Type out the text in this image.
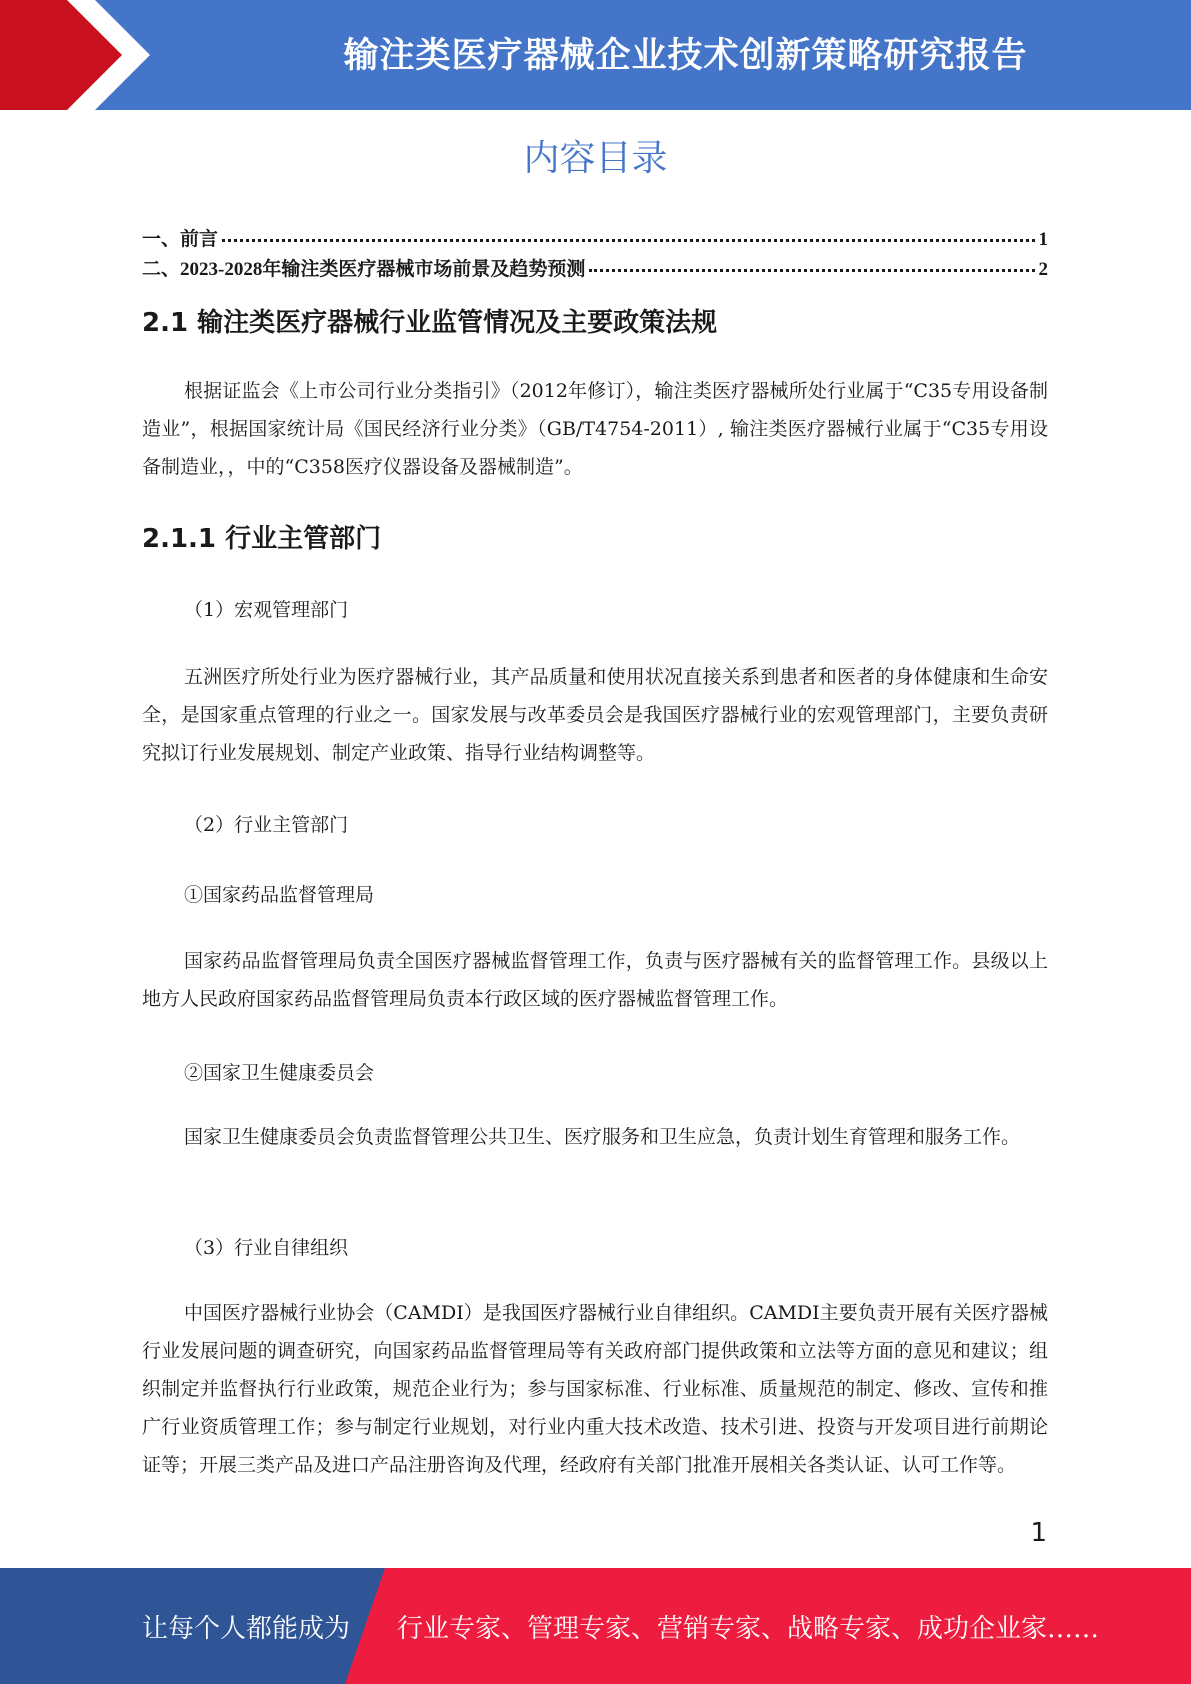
输注类医疗器械企业技术创新策略研究报告
内容目录
一、前言	1
二、2023-2028年输注类医疗器械市场前景及趋势预测	2
2.1 输注类医疗器械行业监管情况及主要政策法规

根据证监会《上市公司行业分类指引》（2012年修订），输注类医疗器械所处行业属于“C35专用设备制造业”，根据国家统计局《国民经济行业分类》（GB/T4754-2011）, 输注类医疗器械行业属于“C35专用设备制造业，，中的“C358医疗仪器设备及器械制造”。

2.1.1 行业主管部门
（1）宏观管理部门

五洲医疗所处行业为医疗器械行业，其产品质量和使用状况直接关系到患者和医者的身体健康和生命安全，是国家重点管理的行业之一。国家发展与改革委员会是我国医疗器械行业的宏观管理部门，主要负责研究拟订行业发展规划、制定产业政策、指导行业结构调整等。

（2）行业主管部门
①国家药品监督管理局

国家药品监督管理局负责全国医疗器械监督管理工作，负责与医疗器械有关的监督管理工作。县级以上地方人民政府国家药品监督管理局负责本行政区域的医疗器械监督管理工作。

②国家卫生健康委员会

国家卫生健康委员会负责监督管理公共卫生、医疗服务和卫生应急，负责计划生育管理和服务工作。

（3）行业自律组织

中国医疗器械行业协会（CAMDI）是我国医疗器械行业自律组织。CAMDI主要负责开展有关医疗器械行业发展问题的调查研究，向国家药品监督管理局等有关政府部门提供政策和立法等方面的意见和建议；组织制定并监督执行行业政策，规范企业行为；参与国家标准、行业标准、质量规范的制定、修改、宣传和推广行业资质管理工作；参与制定行业规划，对行业内重大技术改造、技术引进、投资与开发项目进行前期论证等；开展三类产品及进口产品注册咨询及代理，经政府有关部门批准开展相关各类认证、认可工作等。

1
让每个人都能成为 行业专家、管理专家、营销专家、战略专家、成功企业家……
